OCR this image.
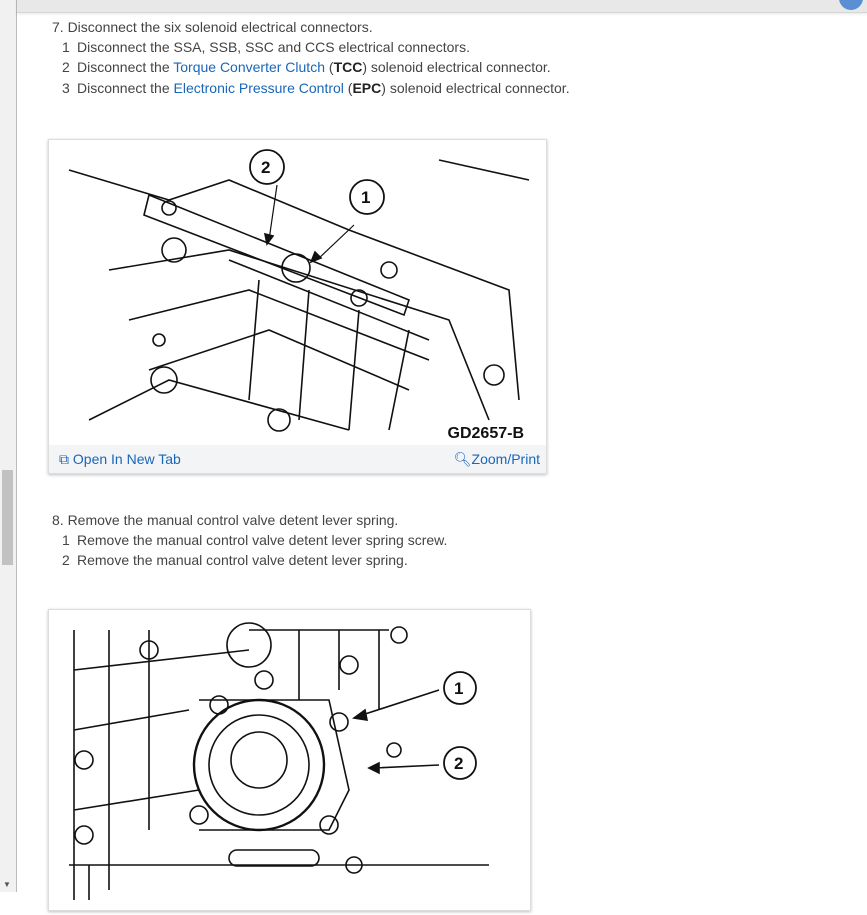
▼
7. Disconnect the six solenoid electrical connectors.
1 Disconnect the SSA, SSB, SSC and CCS electrical connectors.
2 Disconnect the Torque Converter Clutch (TCC) solenoid electrical connector.
3 Disconnect the Electronic Pressure Control (EPC) solenoid electrical connector.
2
1
GD2657-B
⧉ Open In New Tab	🔍︎Zoom/Print
8. Remove the manual control valve detent lever spring.
1 Remove the manual control valve detent lever spring screw.
2 Remove the manual control valve detent lever spring.
1
2
